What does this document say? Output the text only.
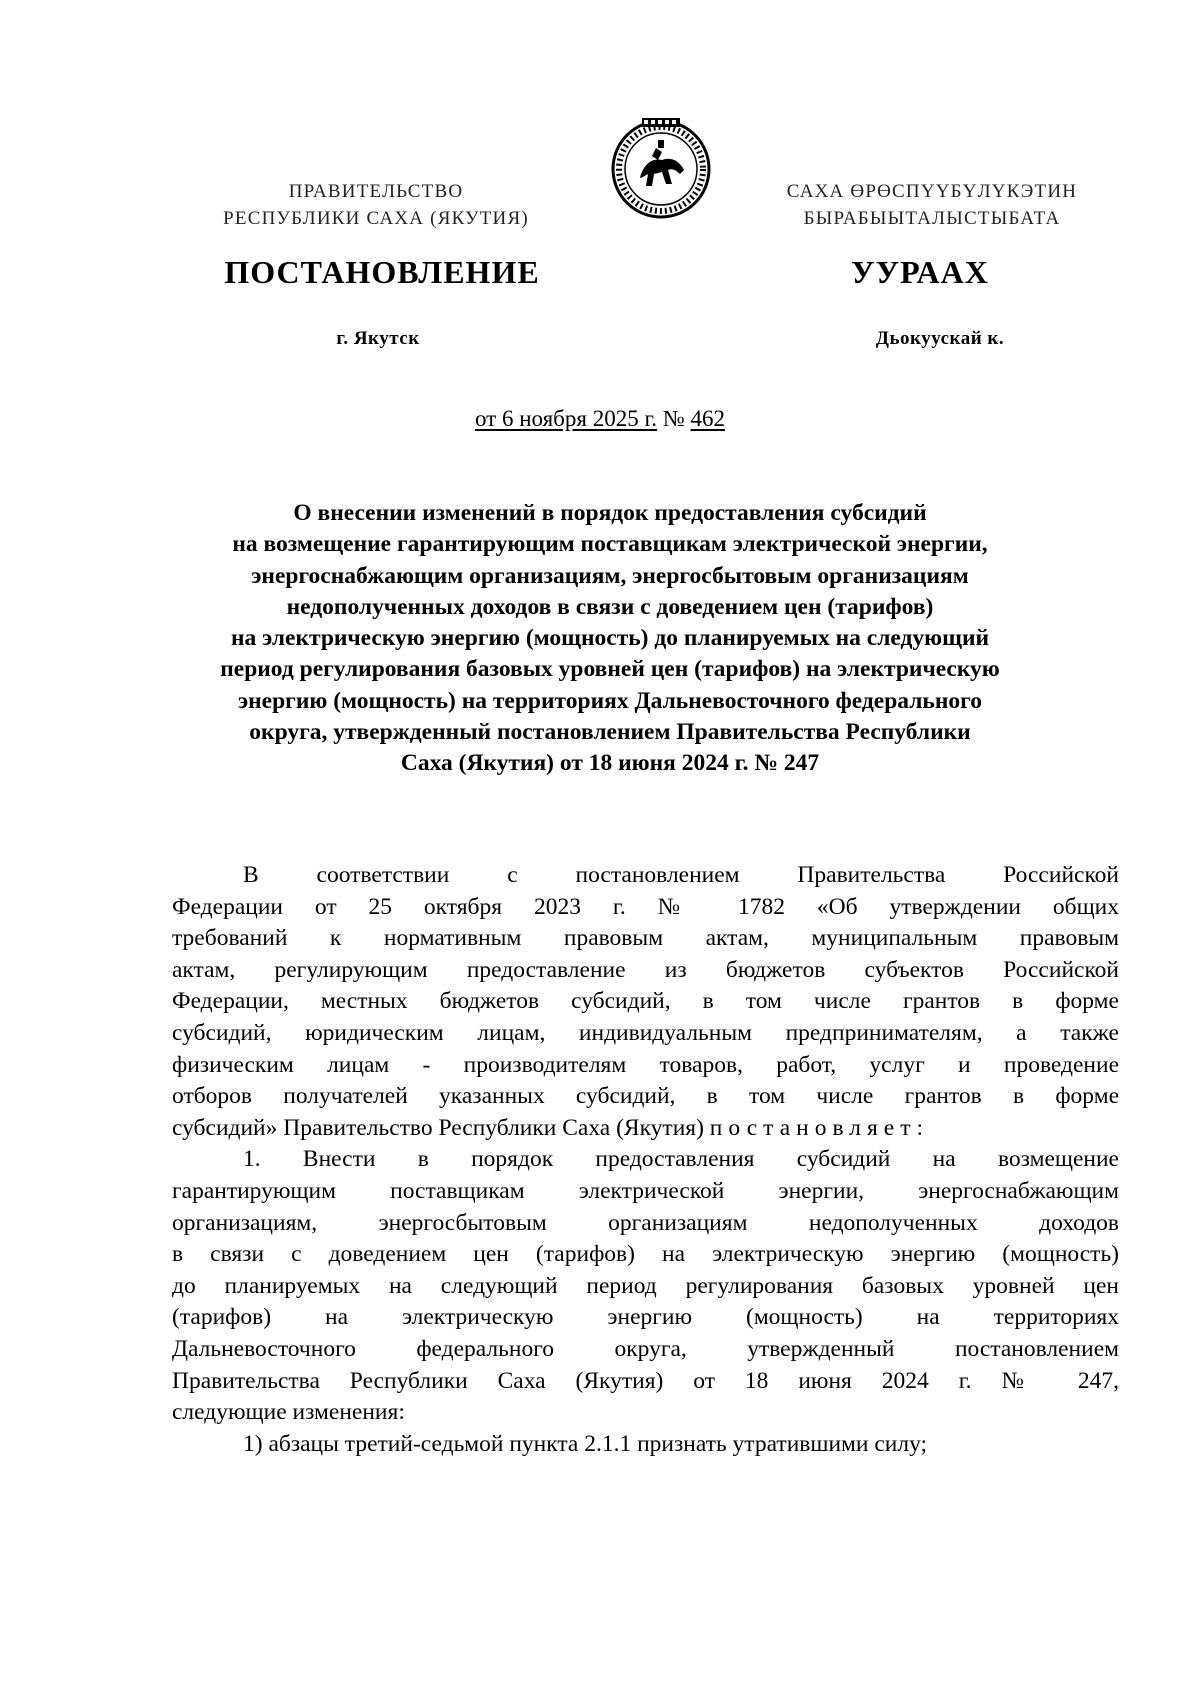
ПРАВИТЕЛЬСТВО
РЕСПУБЛИКИ САХА (ЯКУТИЯ)
САХА ӨРӨСПҮҮБҮЛҮКЭТИН
БЫРАБЫЫТАЛЫСТЫБАТА
ПОСТАНОВЛЕНИЕ	УУРААХ
г. Якутск	Дьокуускай к.
от 6 ноября 2025 г. № 462
О внесении изменений в порядок предоставления субсидий
на возмещение гарантирующим поставщикам электрической энергии,
энергоснабжающим организациям, энергосбытовым организациям
недополученных доходов в связи с доведением цен (тарифов)
на электрическую энергию (мощность) до планируемых на следующий
период регулирования базовых уровней цен (тарифов) на электрическую
энергию (мощность) на территориях Дальневосточного федерального
округа, утвержденный постановлением Правительства Республики
Саха (Якутия) от 18 июня 2024 г. № 247
В соответствии с постановлением Правительства Российской
Федерации от 25 октября 2023 г. № 1782 «Об утверждении общих
требований к нормативным правовым актам, муниципальным правовым
актам, регулирующим предоставление из бюджетов субъектов Российской
Федерации, местных бюджетов субсидий, в том числе грантов в форме
субсидий, юридическим лицам, индивидуальным предпринимателям, а также
физическим лицам - производителям товаров, работ, услуг и проведение
отборов получателей указанных субсидий, в том числе грантов в форме
субсидий» Правительство Республики Саха (Якутия) постановляет:
1. Внести в порядок предоставления субсидий на возмещение
гарантирующим поставщикам электрической энергии, энергоснабжающим
организациям, энергосбытовым организациям недополученных доходов
в связи с доведением цен (тарифов) на электрическую энергию (мощность)
до планируемых на следующий период регулирования базовых уровней цен
(тарифов) на электрическую энергию (мощность) на территориях
Дальневосточного федерального округа, утвержденный постановлением
Правительства Республики Саха (Якутия) от 18 июня 2024 г. № 247,
следующие изменения:
1) абзацы третий-седьмой пункта 2.1.1 признать утратившими силу;
